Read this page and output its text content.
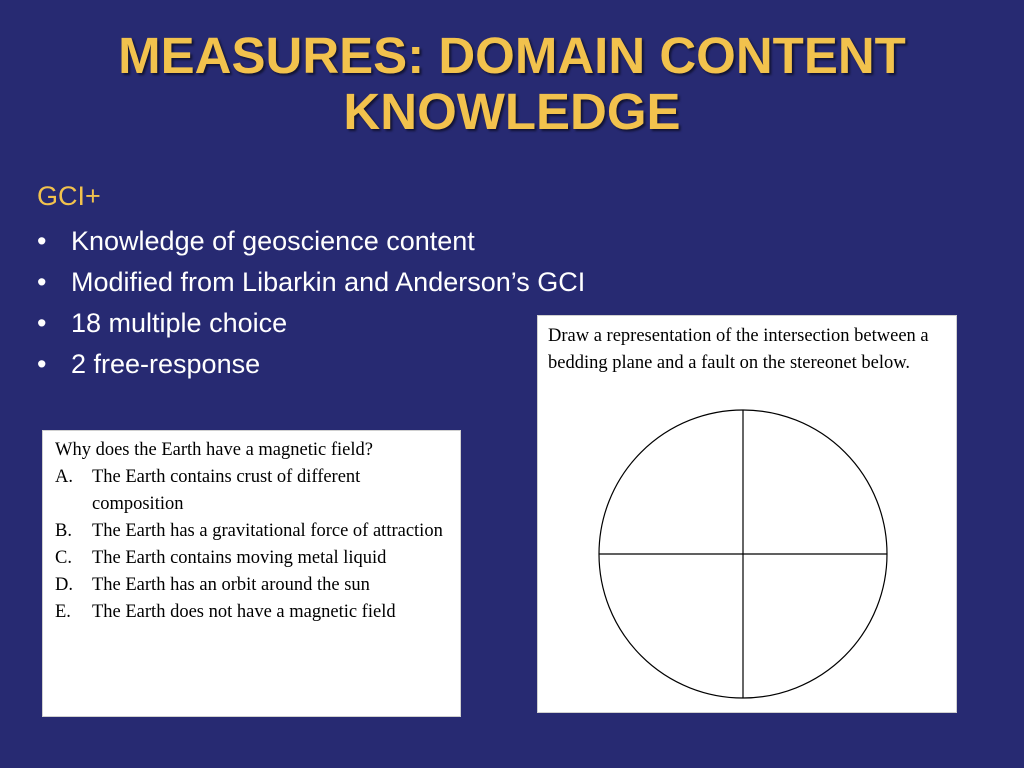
MEASURES: DOMAIN CONTENT
KNOWLEDGE
GCI+
• Knowledge of geoscience content
• Modified from Libarkin and Anderson’s GCI
• 18 multiple choice
• 2 free-response

Why does the Earth have a magnetic field?

A. The Earth contains crust of different composition
B. The Earth has a gravitational force of attraction
C. The Earth contains moving metal liquid
D. The Earth has an orbit around the sun
E. The Earth does not have a magnetic field

Draw a representation of the intersection between a bedding plane and a fault on the stereonet below.
